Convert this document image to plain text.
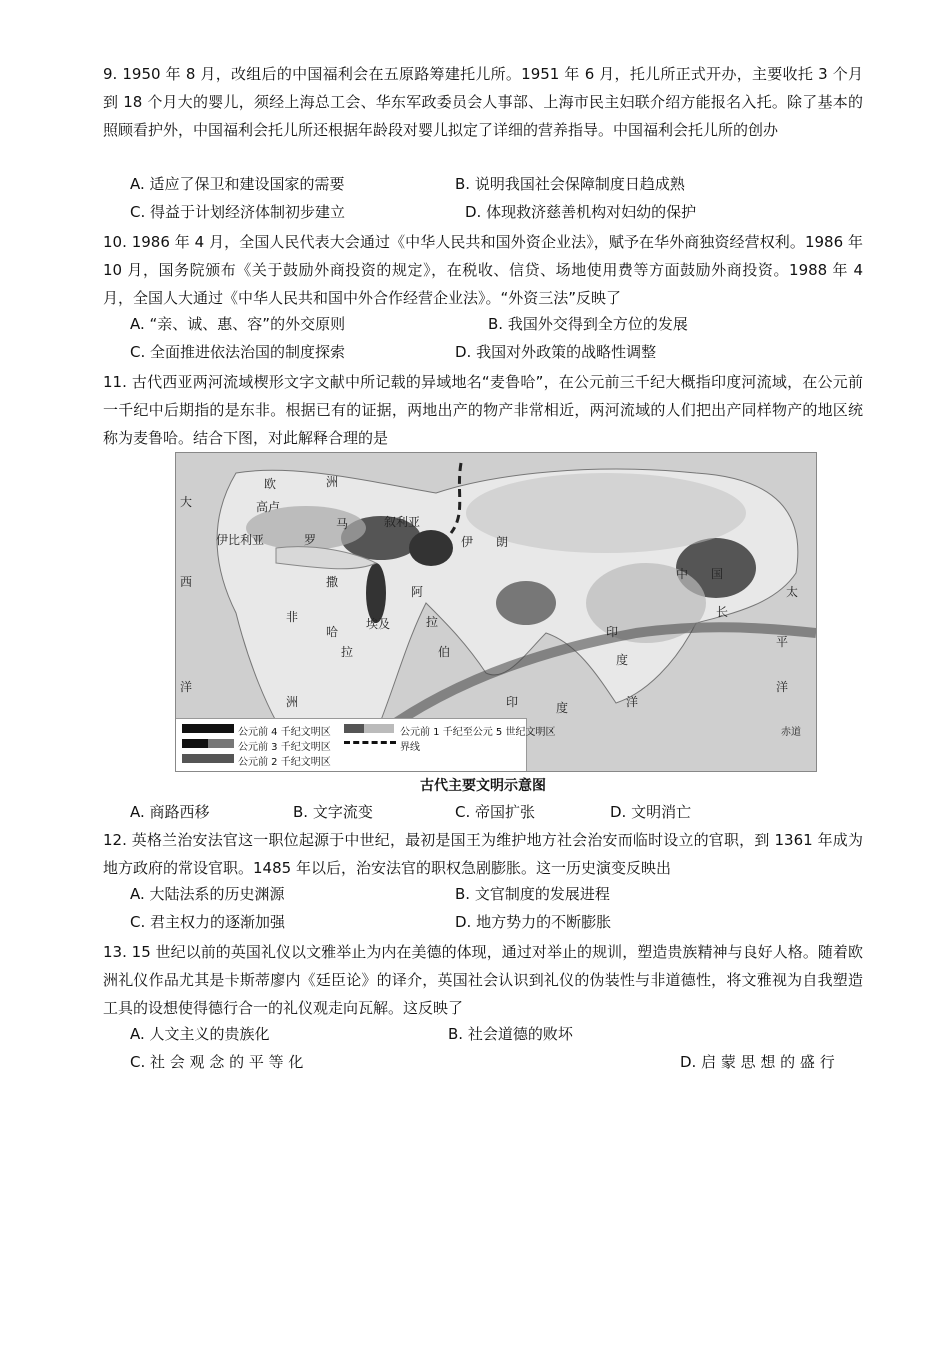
9. 1950 年 8 月，改组后的中国福利会在五原路筹建托儿所。1951 年 6 月，托儿所正式开办，主要收托 3 个月到 18 个月大的婴儿，须经上海总工会、华东军政委员会人事部、上海市民主妇联介绍方能报名入托。除了基本的照顾看护外，中国福利会托儿所还根据年龄段对婴儿拟定了详细的营养指导。中国福利会托儿所的创办
A. 适应了保卫和建设国家的需要	B. 说明我国社会保障制度日趋成熟
C. 得益于计划经济体制初步建立	D. 体现救济慈善机构对妇幼的保护
10. 1986 年 4 月，全国人民代表大会通过《中华人民共和国外资企业法》，赋予在华外商独资经营权利。1986 年 10 月，国务院颁布《关于鼓励外商投资的规定》，在税收、信贷、场地使用费等方面鼓励外商投资。1988 年 4 月，全国人大通过《中华人民共和国中外合作经营企业法》。“外资三法”反映了
A. “亲、诚、惠、容”的外交原则	B. 我国外交得到全方位的发展
C. 全面推进依法治国的制度探索	D. 我国对外政策的战略性调整
11. 古代西亚两河流域楔形文字文献中所记载的异域地名“麦鲁哈”，在公元前三千纪大概指印度河流域，在公元前一千纪中后期指的是东非。根据已有的证据，两地出产的物产非常相近，两河流域的人们把出产同样物产的地区统称为麦鲁哈。结合下图，对此解释合理的是
大
西
洋
欧	洲
高卢
伊比利亚	罗
马
非
洲
撒
哈
拉
埃及
叙利亚
阿
拉
伯
伊 朗
印
度
印	度	洋
中 国
长
太
平
洋
赤道
公元前 4 千纪文明区
公元前 3 千纪文明区
公元前 2 千纪文明区
公元前 1 千纪至公元 5 世纪文明区
界线
古代主要文明示意图
A. 商路西移	B. 文字流变	C. 帝国扩张	D. 文明消亡
12. 英格兰治安法官这一职位起源于中世纪，最初是国王为维护地方社会治安而临时设立的官职，到 1361 年成为地方政府的常设官职。1485 年以后，治安法官的职权急剧膨胀。这一历史演变反映出
A. 大陆法系的历史渊源	B. 文官制度的发展进程
C. 君主权力的逐渐加强	D. 地方势力的不断膨胀
13. 15 世纪以前的英国礼仪以文雅举止为内在美德的体现，通过对举止的规训，塑造贵族精神与良好人格。随着欧洲礼仪作品尤其是卡斯蒂廖内《廷臣论》的译介，英国社会认识到礼仪的伪装性与非道德性，将文雅视为自我塑造工具的设想使得德行合一的礼仪观走向瓦解。这反映了
A. 人文主义的贵族化	B. 社会道德的败坏
C. 社 会 观 念 的 平 等 化	D. 启 蒙 思 想 的 盛 行
